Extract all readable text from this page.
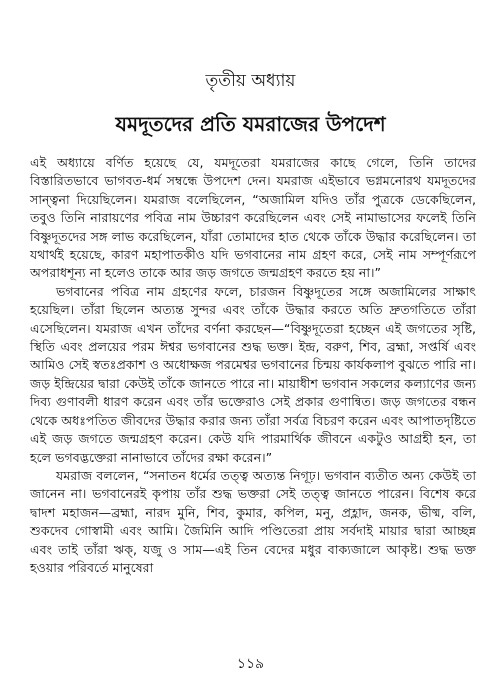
তৃতীয় অধ্যায়
যমদূতদের প্রতি যমরাজের উপদেশ

এই অধ্যায়ে বর্ণিত হয়েছে যে, যমদূতেরা যমরাজের কাছে গেলে, তিনি তাদের বিস্তারিতভাবে ভাগবত-ধর্ম সম্বন্ধে উপদেশ দেন। যমরাজ এইভাবে ভগ্নমনোরথ যমদূতদের সান্ত্বনা দিয়েছিলেন। যমরাজ বলেছিলেন, “অজামিল যদিও তাঁর পুত্রকে ডেকেছিলেন, তবুও তিনি নারায়ণের পবিত্র নাম উচ্চারণ করেছিলেন এবং সেই নামাভাসের ফলেই তিনি বিষ্ণুদূতদের সঙ্গ লাভ করেছিলেন, যাঁরা তোমাদের হাত থেকে তাঁকে উদ্ধার করেছিলেন। তা যথার্থই হয়েছে, কারণ মহাপাতকীও যদি ভগবানের নাম গ্রহণ করে, সেই নাম সম্পূর্ণরূপে অপরাধশূন্য না হলেও তাকে আর জড় জগতে জন্মগ্রহণ করতে হয় না।”

ভগবানের পবিত্র নাম গ্রহণের ফলে, চারজন বিষ্ণুদূতের সঙ্গে অজামিলের সাক্ষাৎ হয়েছিল। তাঁরা ছিলেন অত্যন্ত সুন্দর এবং তাঁকে উদ্ধার করতে অতি দ্রুতগতিতে তাঁরা এসেছিলেন। যমরাজ এখন তাঁদের বর্ণনা করছেন—“বিষ্ণুদূতেরা হচ্ছেন এই জগতের সৃষ্টি, স্থিতি এবং প্রলয়ের পরম ঈশ্বর ভগবানের শুদ্ধ ভক্ত। ইন্দ্র, বরুণ, শিব, ব্রহ্মা, সপ্তর্ষি এবং আমিও সেই স্বতঃপ্রকাশ ও অধোক্ষজ পরমেশ্বর ভগবানের চিন্ময় কার্যকলাপ বুঝতে পারি না। জড় ইন্দ্রিয়ের দ্বারা কেউই তাঁকে জানতে পারে না। মায়াধীশ ভগবান সকলের কল্যাণের জন্য দিব্য গুণাবলী ধারণ করেন এবং তাঁর ভক্তেরাও সেই প্রকার গুণান্বিত। জড় জগতের বন্ধন থেকে অধঃপতিত জীবদের উদ্ধার করার জন্য তাঁরা সর্বত্র বিচরণ করেন এবং আপাতদৃষ্টিতে এই জড় জগতে জন্মগ্রহণ করেন। কেউ যদি পারমার্থিক জীবনে একটুও আগ্রহী হন, তা হলে ভগবদ্ভক্তেরা নানাভাবে তাঁদের রক্ষা করেন।”

যমরাজ বললেন, “সনাতন ধর্মের তত্ত্ব অত্যন্ত নিগূঢ়। ভগবান ব্যতীত অন্য কেউই তা জানেন না। ভগবানেরই কৃপায় তাঁর শুদ্ধ ভক্তরা সেই তত্ত্ব জানতে পারেন। বিশেষ করে দ্বাদশ মহাজন—ব্রহ্মা, নারদ মুনি, শিব, কুমার, কপিল, মনু, প্রহ্লাদ, জনক, ভীষ্ম, বলি, শুকদেব গোস্বামী এবং আমি। জৈমিনি আদি পণ্ডিতেরা প্রায় সর্বদাই মায়ার দ্বারা আচ্ছন্ন এবং তাই তাঁরা ঋক্, যজু ও সাম—এই তিন বেদের মধুর বাক্যজালে আকৃষ্ট। শুদ্ধ ভক্ত হওয়ার পরিবর্তে মানুষেরা

১১৯
